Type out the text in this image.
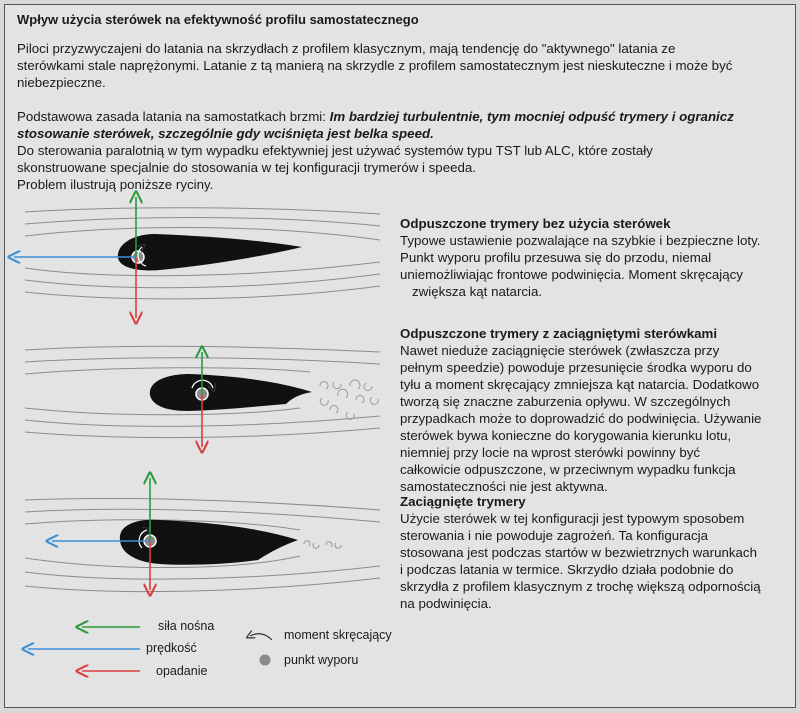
Wpływ użycia sterówek na efektywność profilu samostatecznego
Piloci przyzwyczajeni do latania na skrzydłach z profilem klasycznym, mają tendencję do "aktywnego" latania ze
sterówkami stale naprężonymi. Latanie z tą manierą na skrzydle z profilem samostatecznym jest nieskuteczne i może być
niebezpieczne.
Podstawowa zasada latania na samostatkach brzmi: Im bardziej turbulentnie, tym mocniej odpuść trymery i ogranicz
stosowanie sterówek, szczególnie gdy wciśnięta jest belka speed.
Do sterowania paralotnią w tym wypadku efektywniej jest używać systemów typu TST lub ALC, które zostały
skonstruowane specjalnie do stosowania w tej konfiguracji trymerów i speeda.
Problem ilustrują poniższe ryciny.
Odpuszczone trymery bez użycia sterówek
Typowe ustawienie pozwalające na szybkie i bezpieczne loty.
Punkt wyporu profilu przesuwa się do przodu, niemal
uniemożliwiając frontowe podwinięcia. Moment skręcający
zwiększa kąt natarcia.
Odpuszczone trymery z zaciągniętymi sterówkami
Nawet nieduże zaciągnięcie sterówek (zwłaszcza przy
pełnym speedzie) powoduje przesunięcie środka wyporu do
tyłu a moment skręcający zmniejsza kąt natarcia. Dodatkowo
tworzą się znaczne zaburzenia opływu. W szczególnych
przypadkach może to doprowadzić do podwinięcia. Używanie
sterówek bywa konieczne do korygowania kierunku lotu,
niemniej przy locie na wprost sterówki powinny być
całkowicie odpuszczone, w przeciwnym wypadku funkcja
samostateczności nie jest aktywna.
Zaciągnięte trymery
Użycie sterówek w tej konfiguracji jest typowym sposobem
sterowania i nie powoduje zagrożeń. Ta konfiguracja
stosowana jest podczas startów w bezwietrznych warunkach
i podczas latania w termice. Skrzydło działa podobnie do
skrzydła z profilem klasycznym z trochę większą odpornością
na podwinięcia.
siła nośna
prędkość
opadanie
moment skręcający
punkt wyporu
